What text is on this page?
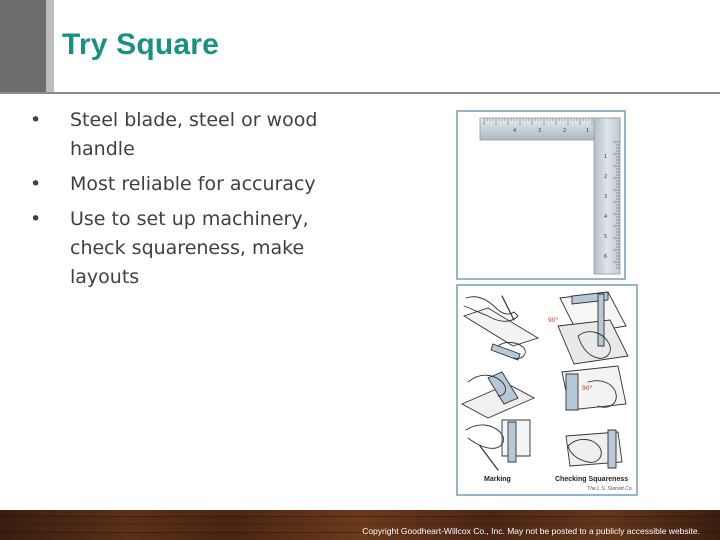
Try Square
• Steel blade, steel or wood handle
• Most reliable for accuracy
• Use to set up machinery, check squareness, make layouts
4	3	2	1
1
2
3
4
5
6
90°
90°
Marking	Checking Squareness
The L.S. Starrett Co.
Copyright Goodheart-Willcox Co., Inc. May not be posted to a publicly accessible website.
